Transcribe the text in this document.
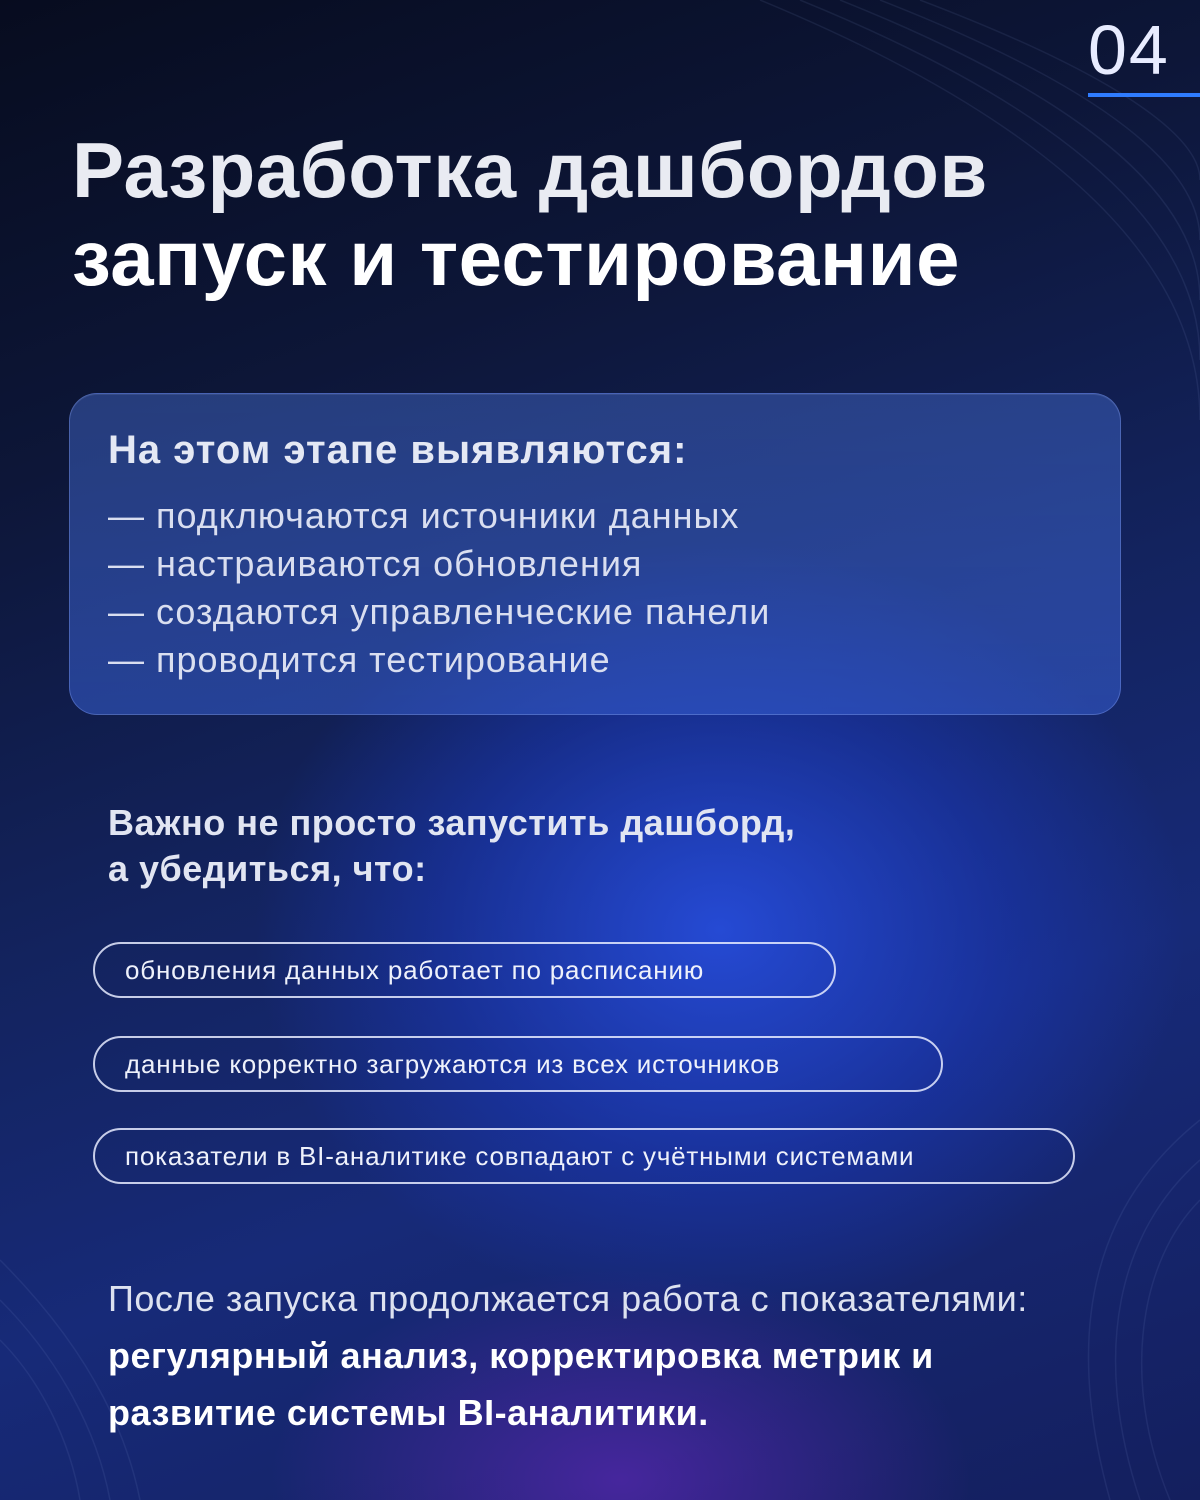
04
Разработка дашбордов
запуск и тестирование
На этом этапе выявляются:
— подключаются источники данных
— настраиваются обновления
— создаются управленческие панели
— проводится тестирование
Важно не просто запустить дашборд,
а убедиться, что:
обновления данных работает по расписанию
данные корректно загружаются из всех источников
показатели в BI-аналитике совпадают с учётными системами

После запуска продолжается работа с показателями:
регулярный анализ, корректировка метрик и
развитие системы BI-аналитики.
